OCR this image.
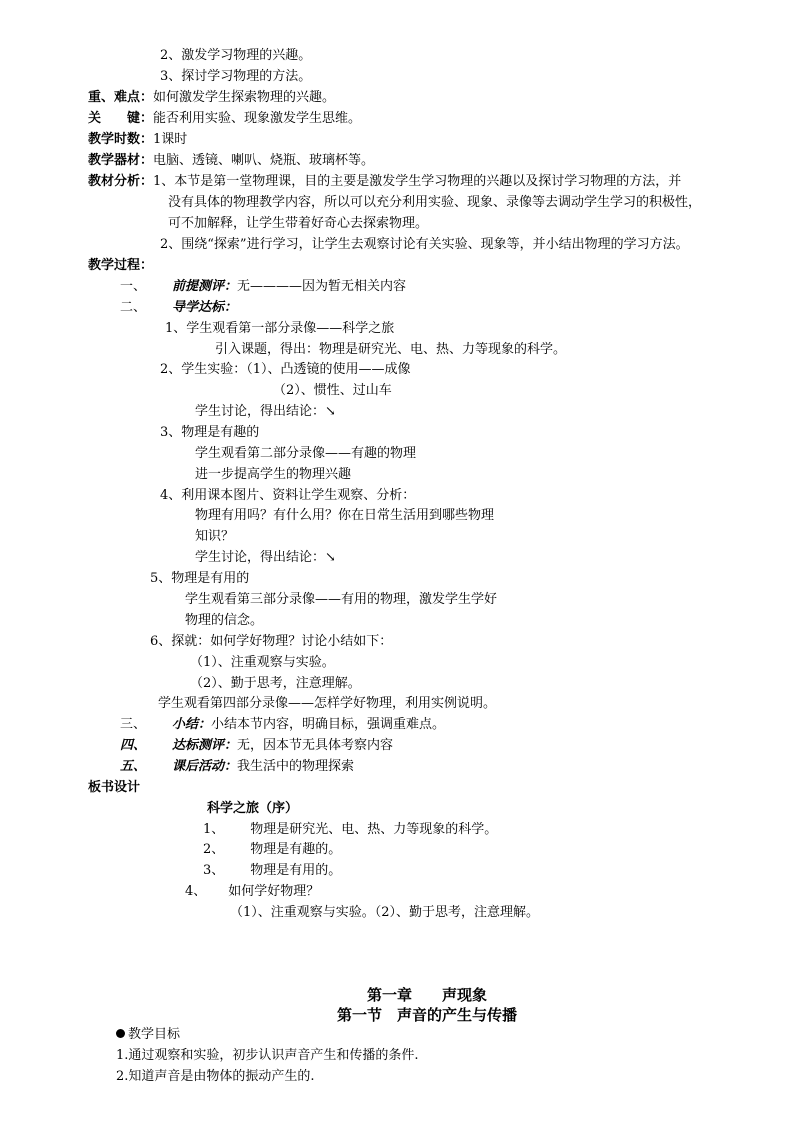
2、激发学习物理的兴趣。
3、探讨学习物理的方法。
重、难点：如何激发学生探索物理的兴趣。
关　　键：能否利用实验、现象激发学生思维。
教学时数：1课时
教学器材：电脑、透镜、喇叭、烧瓶、玻璃杯等。
教材分析：1、本节是第一堂物理课，目的主要是激发学生学习物理的兴趣以及探讨学习物理的方法，并
没有具体的物理教学内容，所以可以充分利用实验、现象、录像等去调动学生学习的积极性，
可不加解释，让学生带着好奇心去探索物理。
2、围绕“探索”进行学习，让学生去观察讨论有关实验、现象等，并小结出物理的学习方法。
教学过程：
一、 前提测评：无————因为暂无相关内容
二、 导学达标：
1、学生观看第一部分录像——科学之旅
引入课题，得出：物理是研究光、电、热、力等现象的科学。
2、学生实验：（1）、凸透镜的使用——成像
（2）、惯性、过山车
学生讨论，得出结论：↘
3、物理是有趣的
学生观看第二部分录像——有趣的物理
进一步提高学生的物理兴趣
4、利用课本图片、资料让学生观察、分析：
物理有用吗？有什么用？你在日常生活用到哪些物理
知识？
学生讨论，得出结论：↘
5、物理是有用的
学生观看第三部分录像——有用的物理，激发学生学好
物理的信念。
6、探就：如何学好物理？讨论小结如下：
（1）、注重观察与实验。
（2）、勤于思考，注意理解。
学生观看第四部分录像——怎样学好物理，利用实例说明。
三、 小结：小结本节内容，明确目标，强调重难点。
四、 达标测评：无，因本节无具体考察内容
五、 课后活动：我生活中的物理探索
板书设计
科学之旅（序）
1、 物理是研究光、电、热、力等现象的科学。
2、 物理是有趣的。
3、 物理是有用的。
4、 如何学好物理？
（1）、注重观察与实验。（2）、勤于思考，注意理解。
第一章　　声现象
第一节　声音的产生与传播
教学目标
1.通过观察和实验，初步认识声音产生和传播的条件.
2.知道声音是由物体的振动产生的.
